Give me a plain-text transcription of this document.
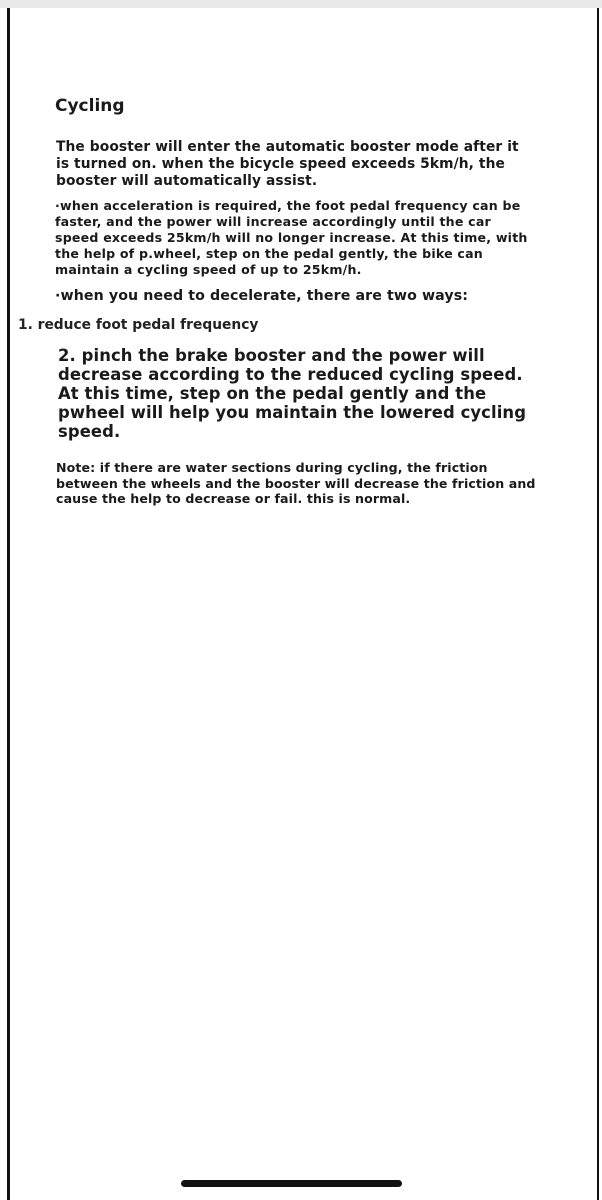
Cycling

The booster will enter the automatic booster mode after it is turned on. when the bicycle speed exceeds 5km/h, the booster will automatically assist.

·when acceleration is required, the foot pedal frequency can be faster, and the power will increase accordingly until the car speed exceeds 25km/h will no longer increase. At this time, with the help of p.wheel, step on the pedal gently, the bike can maintain a cycling speed of up to 25km/h.

·when you need to decelerate, there are two ways:

1. reduce foot pedal frequency

2. pinch the brake booster and the power will decrease according to the reduced cycling speed. At this time, step on the pedal gently and the pwheel will help you maintain the lowered cycling speed.

Note: if there are water sections during cycling, the friction between the wheels and the booster will decrease the friction and cause the help to decrease or fail. this is normal.
